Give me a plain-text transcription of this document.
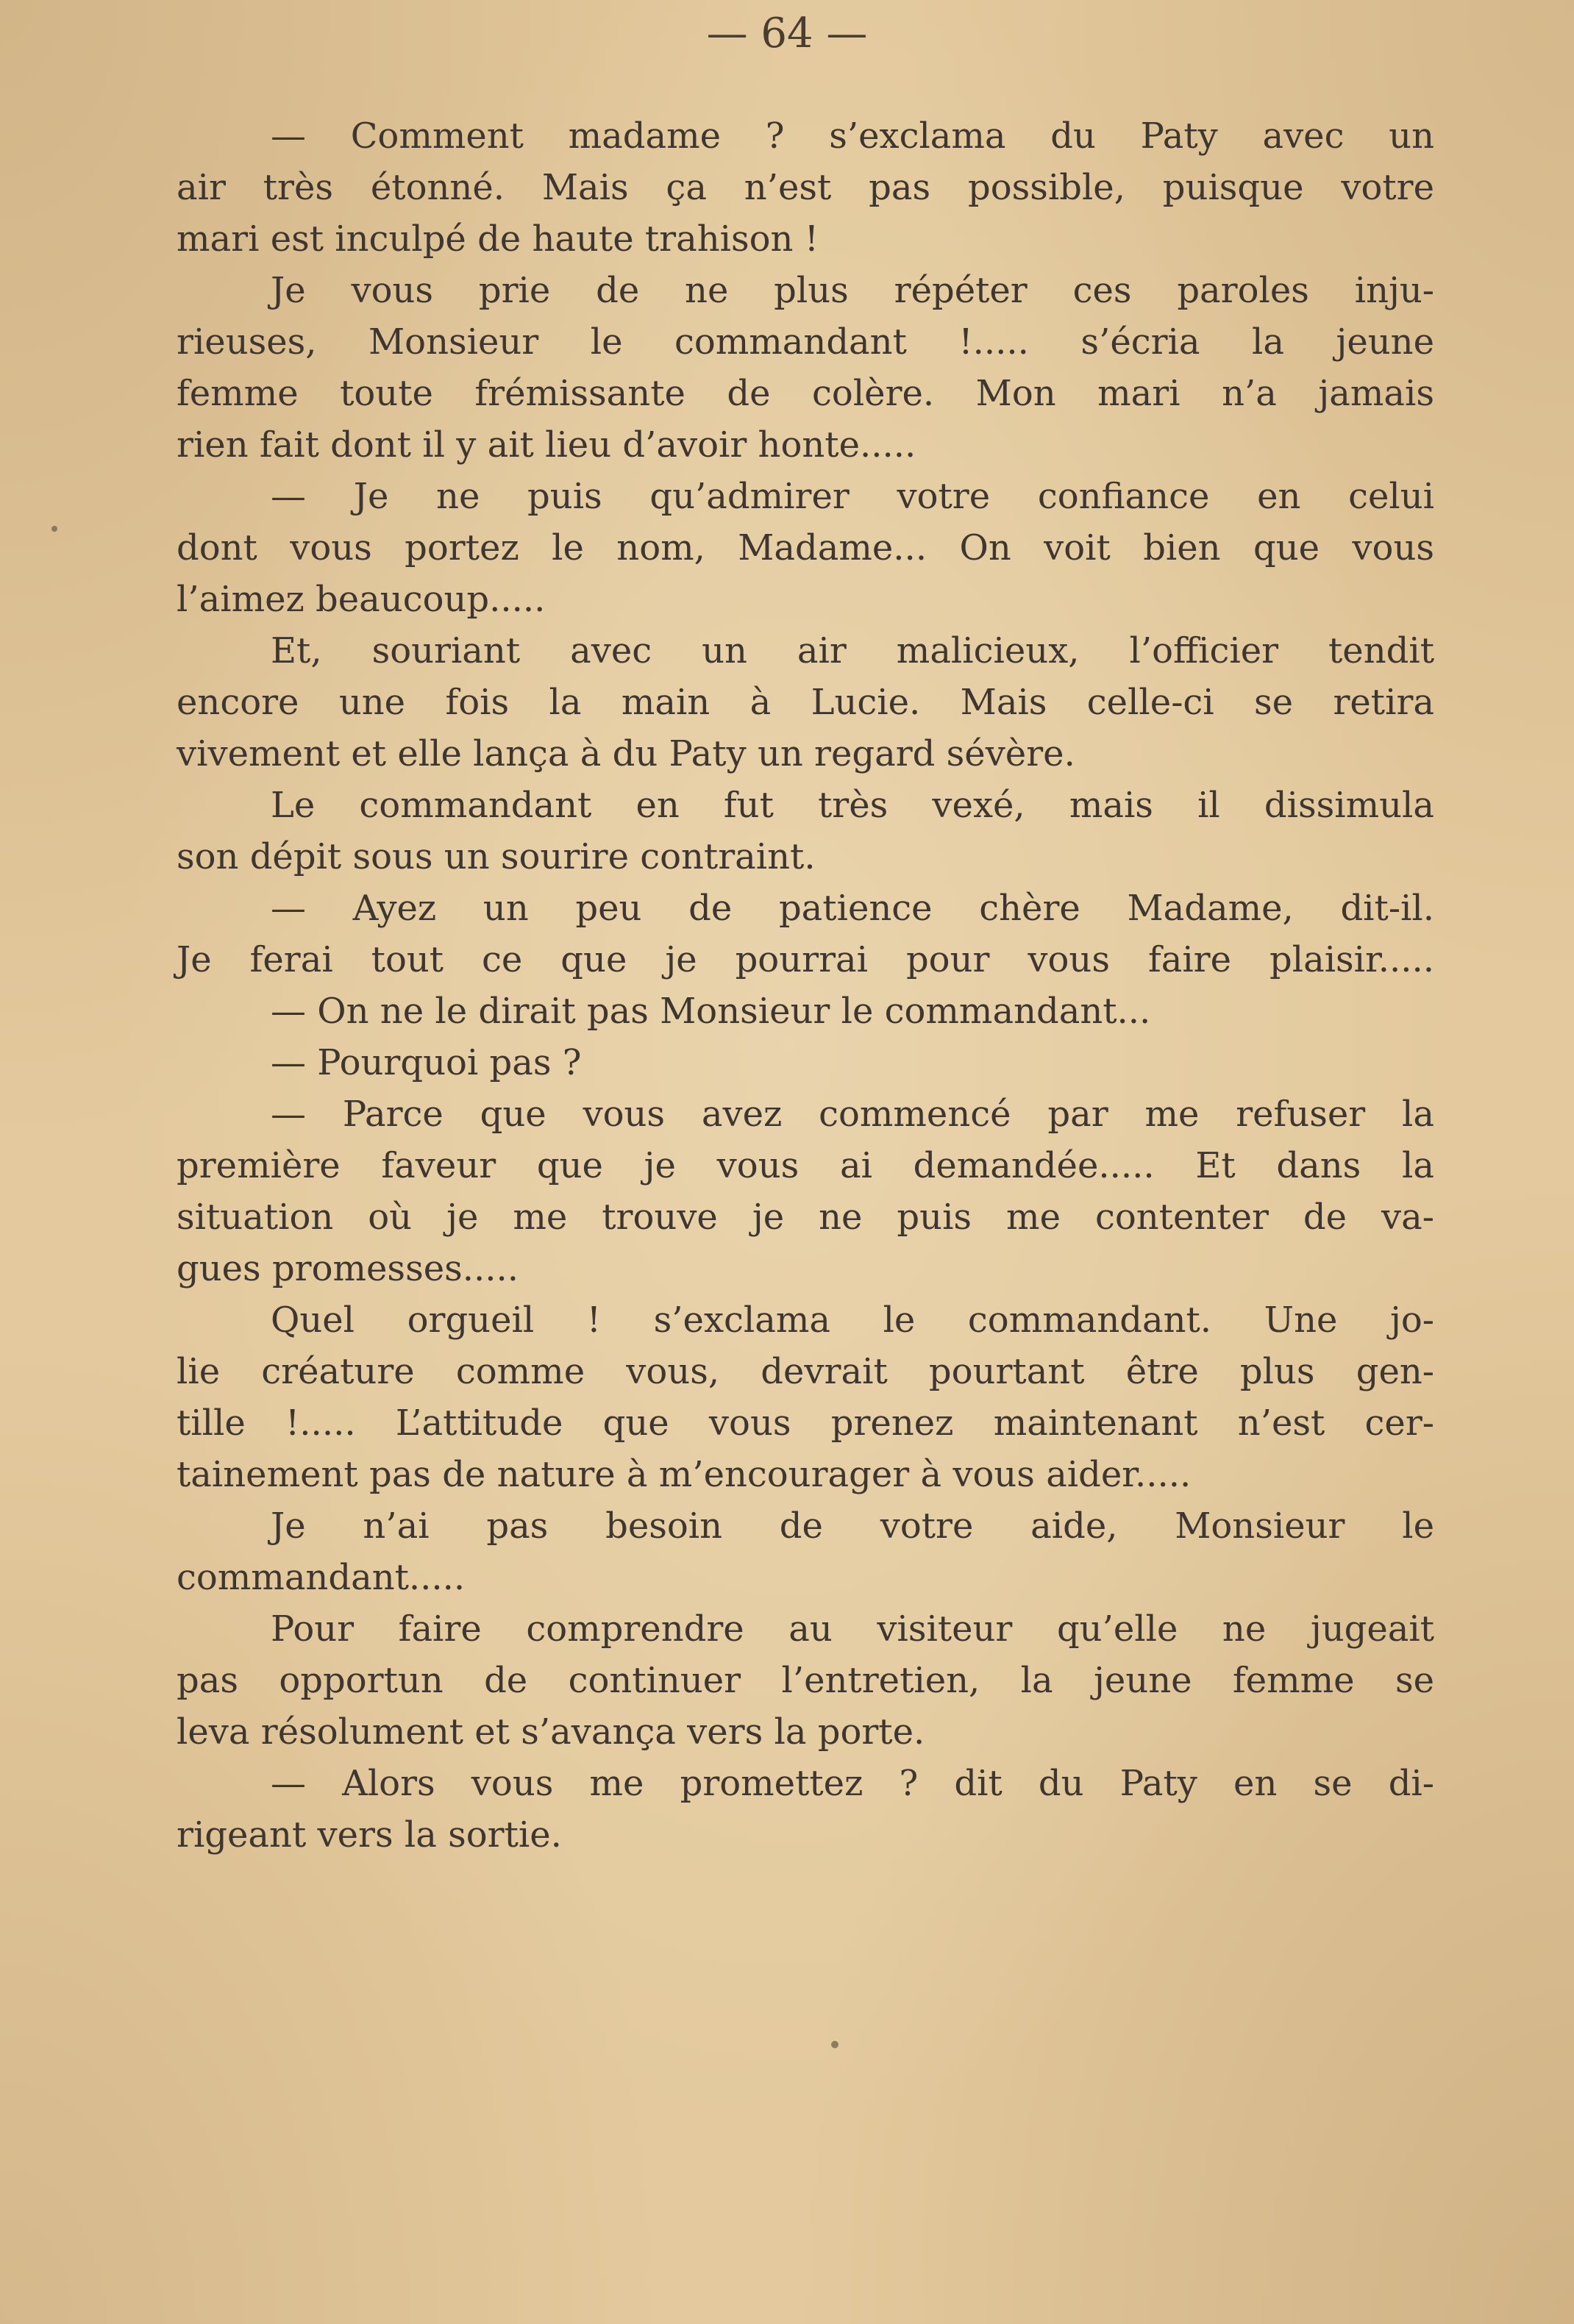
— 64 —
— Comment madame ? s’exclama du Paty avec un
air très étonné. Mais ça n’est pas possible, puisque votre
mari est inculpé de haute trahison !
Je vous prie de ne plus répéter ces paroles inju-
rieuses, Monsieur le commandant !..... s’écria la jeune
femme toute frémissante de colère. Mon mari n’a jamais
rien fait dont il y ait lieu d’avoir honte.....
— Je ne puis qu’admirer votre confiance en celui
dont vous portez le nom, Madame... On voit bien que vous
l’aimez beaucoup.....
Et, souriant avec un air malicieux, l’officier tendit
encore une fois la main à Lucie. Mais celle-ci se retira
vivement et elle lança à du Paty un regard sévère.
Le commandant en fut très vexé, mais il dissimula
son dépit sous un sourire contraint.
— Ayez un peu de patience chère Madame, dit-il.
Je ferai tout ce que je pourrai pour vous faire plaisir.....
— On ne le dirait pas Monsieur le commandant...
— Pourquoi pas ?
— Parce que vous avez commencé par me refuser la
première faveur que je vous ai demandée..... Et dans la
situation où je me trouve je ne puis me contenter de va-
gues promesses.....
Quel orgueil ! s’exclama le commandant. Une jo-
lie créature comme vous, devrait pourtant être plus gen-
tille !..... L’attitude que vous prenez maintenant n’est cer-
tainement pas de nature à m’encourager à vous aider.....
Je n’ai pas besoin de votre aide, Monsieur le
commandant.....
Pour faire comprendre au visiteur qu’elle ne jugeait
pas opportun de continuer l’entretien, la jeune femme se
leva résolument et s’avança vers la porte.
— Alors vous me promettez ? dit du Paty en se di-
rigeant vers la sortie.
